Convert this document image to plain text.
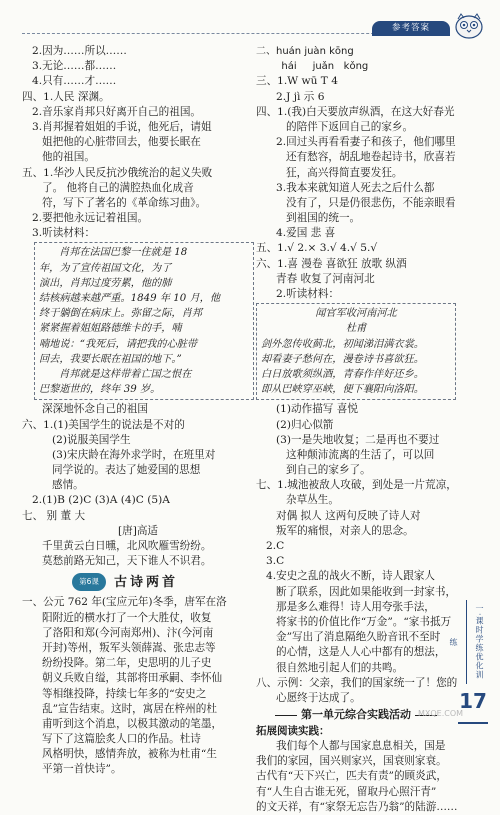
参考答案
2.因为……所以……
3.无论……都……
4.只有……才……
四、1.人民 深渊。
2.音乐家肖邦只好离开自己的祖国。
3.肖邦握着姐姐的手说，他死后，请姐
姐把他的心脏带回去，他要长眠在
他的祖国。
五、1.华沙人民反抗沙俄统治的起义失败
了。 他将自己的满腔热血化成音
符，写下了著名的《革命练习曲》。
2.要把他永远记着祖国。
3.听读材料：
肖邦在法国巴黎一住就是 18
年，为了宣传祖国文化，为了
演出，肖邦过度劳累，他的肺
结核病越来越严重。1849 年 10 月，他
终于躺倒在病床上。弥留之际，肖邦
紧紧握着姐姐路德维卡的手，喃
喃地说：“我死后，请把我的心脏带
回去，我要长眠在祖国的地下。”
肖邦就是这样带着亡国之恨在
巴黎逝世的，终年 39 岁。
深深地怀念自己的祖国
六、1.(1)美国学生的说法是不对的
(2)说服美国学生
(3)宋庆龄在海外求学时，在班里对
同学说的。表达了她爱国的思想
感情。
2.(1)B (2)C (3)A (4)C (5)A
七、 别 董 大
[唐]高适
千里黄云白日曛，北风吹雁雪纷纷。
莫愁前路无知己，天下谁人不识君。
第6课	古诗两首
一、公元 762 年(宝应元年)冬季，唐军在洛
阳附近的横水打了一个大胜仗，收复
了洛阳和郑(今河南郑州)、汴(今河南
开封)等州，叛军头领薛嵩、张忠志等
纷纷投降。第二年，史思明的儿子史
朝义兵败自缢，其部将田承嗣、李怀仙
等相继投降，持续七年多的“安史之
乱”宣告结束。这时，寓居在梓州的杜
甫听到这个消息，以极其激动的笔墨，
写下了这篇脍炙人口的作品。杜诗
风格明快，感情奔放，被称为杜甫“生
平第一首快诗”。
二、huán juàn kōng
hái     juǎn   kǒng
三、1.W wū T 4
2.J jì 示 6
四、1.(我)白天要放声纵酒，在这大好春光
的陪伴下返回自己的家乡。
2.回过头再看看妻子和孩子，他们哪里
还有愁容，胡乱地卷起诗书，欣喜若
狂，高兴得简直要发狂。
3.我本来就知道人死去之后什么都
没有了，只是仍很悲伤，不能亲眼看
到祖国的统一。
4.爱国 悲 喜
五、1.√ 2.× 3.√ 4.√ 5.√
六、1.喜 漫卷 喜欲狂 放歌 纵酒
青春 收复了河南河北
2.听读材料：
闻官军收河南河北
杜甫
剑外忽传收蓟北，初闻涕泪满衣裳。
却看妻子愁何在，漫卷诗书喜欲狂。
白日放歌须纵酒，青春作伴好还乡。
即从巴峡穿巫峡，便下襄阳向洛阳。
(1)动作描写 喜悦
(2)归心似箭
(3)一是失地收复；二是再也不要过
这种颠沛流离的生活了，可以回
到自己的家乡了。
七、1.城池被敌人攻破，到处是一片荒凉，
杂草丛生。
对偶 拟人 这两句反映了诗人对
叛军的痛恨，对亲人的思念。
2.C
3.C
4.安史之乱的战火不断，诗人跟家人
断了联系，因此如果能收到一封家书，
那是多么难得！诗人用夸张手法，
将家书的价值比作“万金”。“家书抵万
金”写出了消息隔绝久盼音讯不至时
的心情，这是人人心中都有的想法，
很自然地引起人们的共鸣。
八、示例：父亲，我们的国家统一了！您的
心愿终于达成了。
第一单元综合实践活动
拓展阅读实践：
我们每个人都与国家息息相关，国是
我们的家园，国兴则家兴，国衰则家衰。
古代有“天下兴亡，匹夫有责”的顾炎武，
有“人生自古谁无死，留取丹心照汗青”
的文天祥，有“家祭无忘告乃翁”的陆游……
一·课时学练优化训练
17
MXQE.COM
